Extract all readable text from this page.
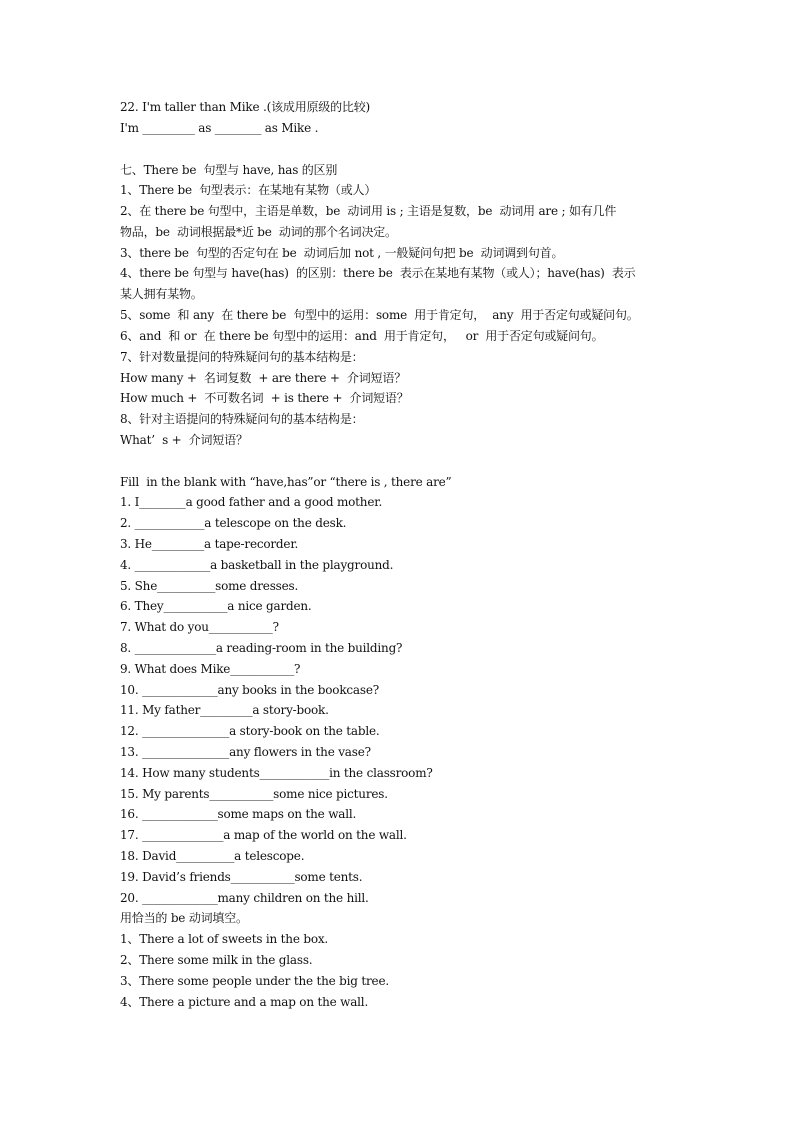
22. I'm taller than Mike .(该成用原级的比较)
I'm _________ as ________ as Mike .
七、There be  句型与 have, has 的区别
1、There be  句型表示：在某地有某物（或人）
2、在 there be 句型中，主语是单数，be  动词用 is ; 主语是复数，be  动词用 are ; 如有几件
物品，be  动词根据最*近 be  动词的那个名词决定。
3、there be  句型的否定句在 be  动词后加 not , 一般疑问句把 be  动词调到句首。
4、there be 句型与 have(has)  的区别：there be  表示在某地有某物（或人）；have(has)  表示
某人拥有某物。
5、some  和 any  在 there be  句型中的运用：some  用于肯定句，  any  用于否定句或疑问句。
6、and  和 or  在 there be 句型中的运用：and  用于肯定句，   or  用于否定句或疑问句。
7、针对数量提问的特殊疑问句的基本结构是：
How many +  名词复数  + are there +  介词短语？
How much +  不可数名词  + is there +  介词短语？
8、针对主语提问的特殊疑问句的基本结构是：
What’  s +  介词短语？
Fill  in the blank with “have,has”or “there is , there are”
1. I________a good father and a good mother.
2. ____________a telescope on the desk.
3. He_________a tape-recorder.
4. _____________a basketball in the playground.
5. She__________some dresses.
6. They___________a nice garden.
7. What do you___________?
8. ______________a reading-room in the building?
9. What does Mike___________?
10. _____________any books in the bookcase?
11. My father_________a story-book.
12. _______________a story-book on the table.
13. _______________any flowers in the vase?
14. How many students____________in the classroom?
15. My parents___________some nice pictures.
16. _____________some maps on the wall.
17. ______________a map of the world on the wall.
18. David__________a telescope.
19. David’s friends___________some tents.
20. _____________many children on the hill.
用恰当的 be 动词填空。
1、There a lot of sweets in the box.
2、There some milk in the glass.
3、There some people under the the big tree.
4、There a picture and a map on the wall.
